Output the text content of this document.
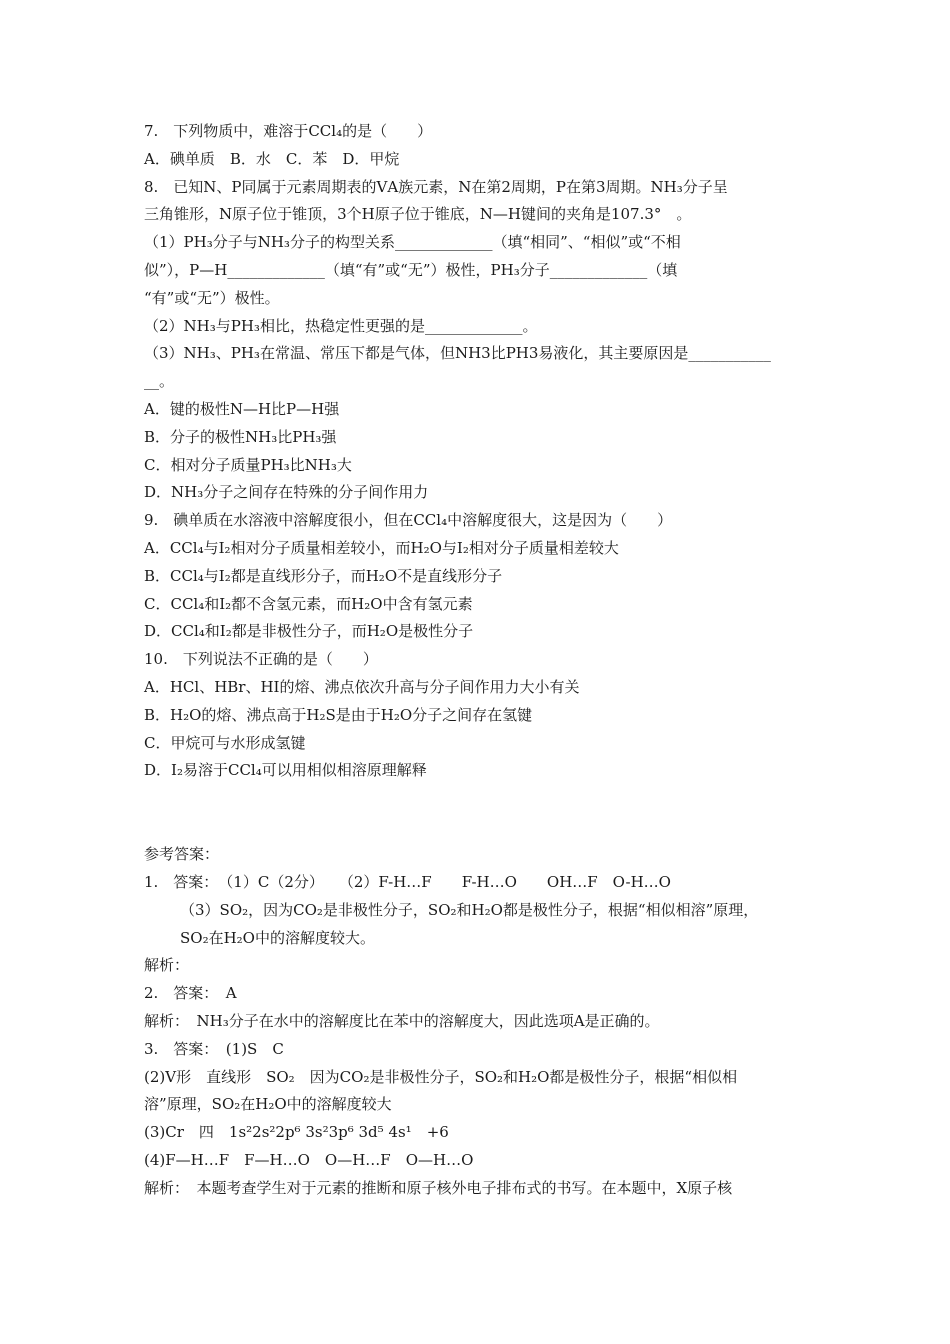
7.　下列物质中，难溶于CCl₄的是（　　）
A．碘单质　B．水　C．苯　D．甲烷
8.　已知N、P同属于元素周期表的ⅤA族元素，N在第2周期，P在第3周期。NH₃分子呈
三角锥形，N原子位于锥顶，3个H原子位于锥底，N—H键间的夹角是107.3°　。
（1）PH₃分子与NH₃分子的构型关系_____________（填“相同”、“相似”或“不相
似”），P—H_____________（填“有”或“无”）极性，PH₃分子_____________（填
“有”或“无”）极性。
（2）NH₃与PH₃相比，热稳定性更强的是_____________。
（3）NH₃、PH₃在常温、常压下都是气体，但NH3比PH3易液化，其主要原因是___________
__。
A．键的极性N—H比P—H强
B．分子的极性NH₃比PH₃强
C．相对分子质量PH₃比NH₃大
D．NH₃分子之间存在特殊的分子间作用力
9.　碘单质在水溶液中溶解度很小，但在CCl₄中溶解度很大，这是因为（　　）
A．CCl₄与I₂相对分子质量相差较小，而H₂O与I₂相对分子质量相差较大
B．CCl₄与I₂都是直线形分子，而H₂O不是直线形分子
C．CCl₄和I₂都不含氢元素，而H₂O中含有氢元素
D．CCl₄和I₂都是非极性分子，而H₂O是极性分子
10.　下列说法不正确的是（　　）
A．HCl、HBr、HI的熔、沸点依次升高与分子间作用力大小有关
B．H₂O的熔、沸点高于H₂S是由于H₂O分子之间存在氢键
C．甲烷可与水形成氢键
D．I₂易溶于CCl₄可以用相似相溶原理解释
参考答案：
1.　答案：　（1）C（2分）　　（2）F-H…F　　F-H…O　　OH…F　O-H…O
（3）SO₂，因为CO₂是非极性分子，SO₂和H₂O都是极性分子，根据“相似相溶”原理，
SO₂在H₂O中的溶解度较大。
解析：
2.　答案：　A
解析：　NH₃分子在水中的溶解度比在苯中的溶解度大，因此选项A是正确的。
3.　答案：　(1)S　C
(2)V形　直线形　SO₂　因为CO₂是非极性分子，SO₂和H₂O都是极性分子，根据“相似相
溶”原理，SO₂在H₂O中的溶解度较大
(3)Cr　四　1s²2s²2p⁶ 3s²3p⁶ 3d⁵ 4s¹　+6
(4)F—H…F　F—H…O　O—H…F　O—H…O
解析：　本题考查学生对于元素的推断和原子核外电子排布式的书写。在本题中，X原子核
